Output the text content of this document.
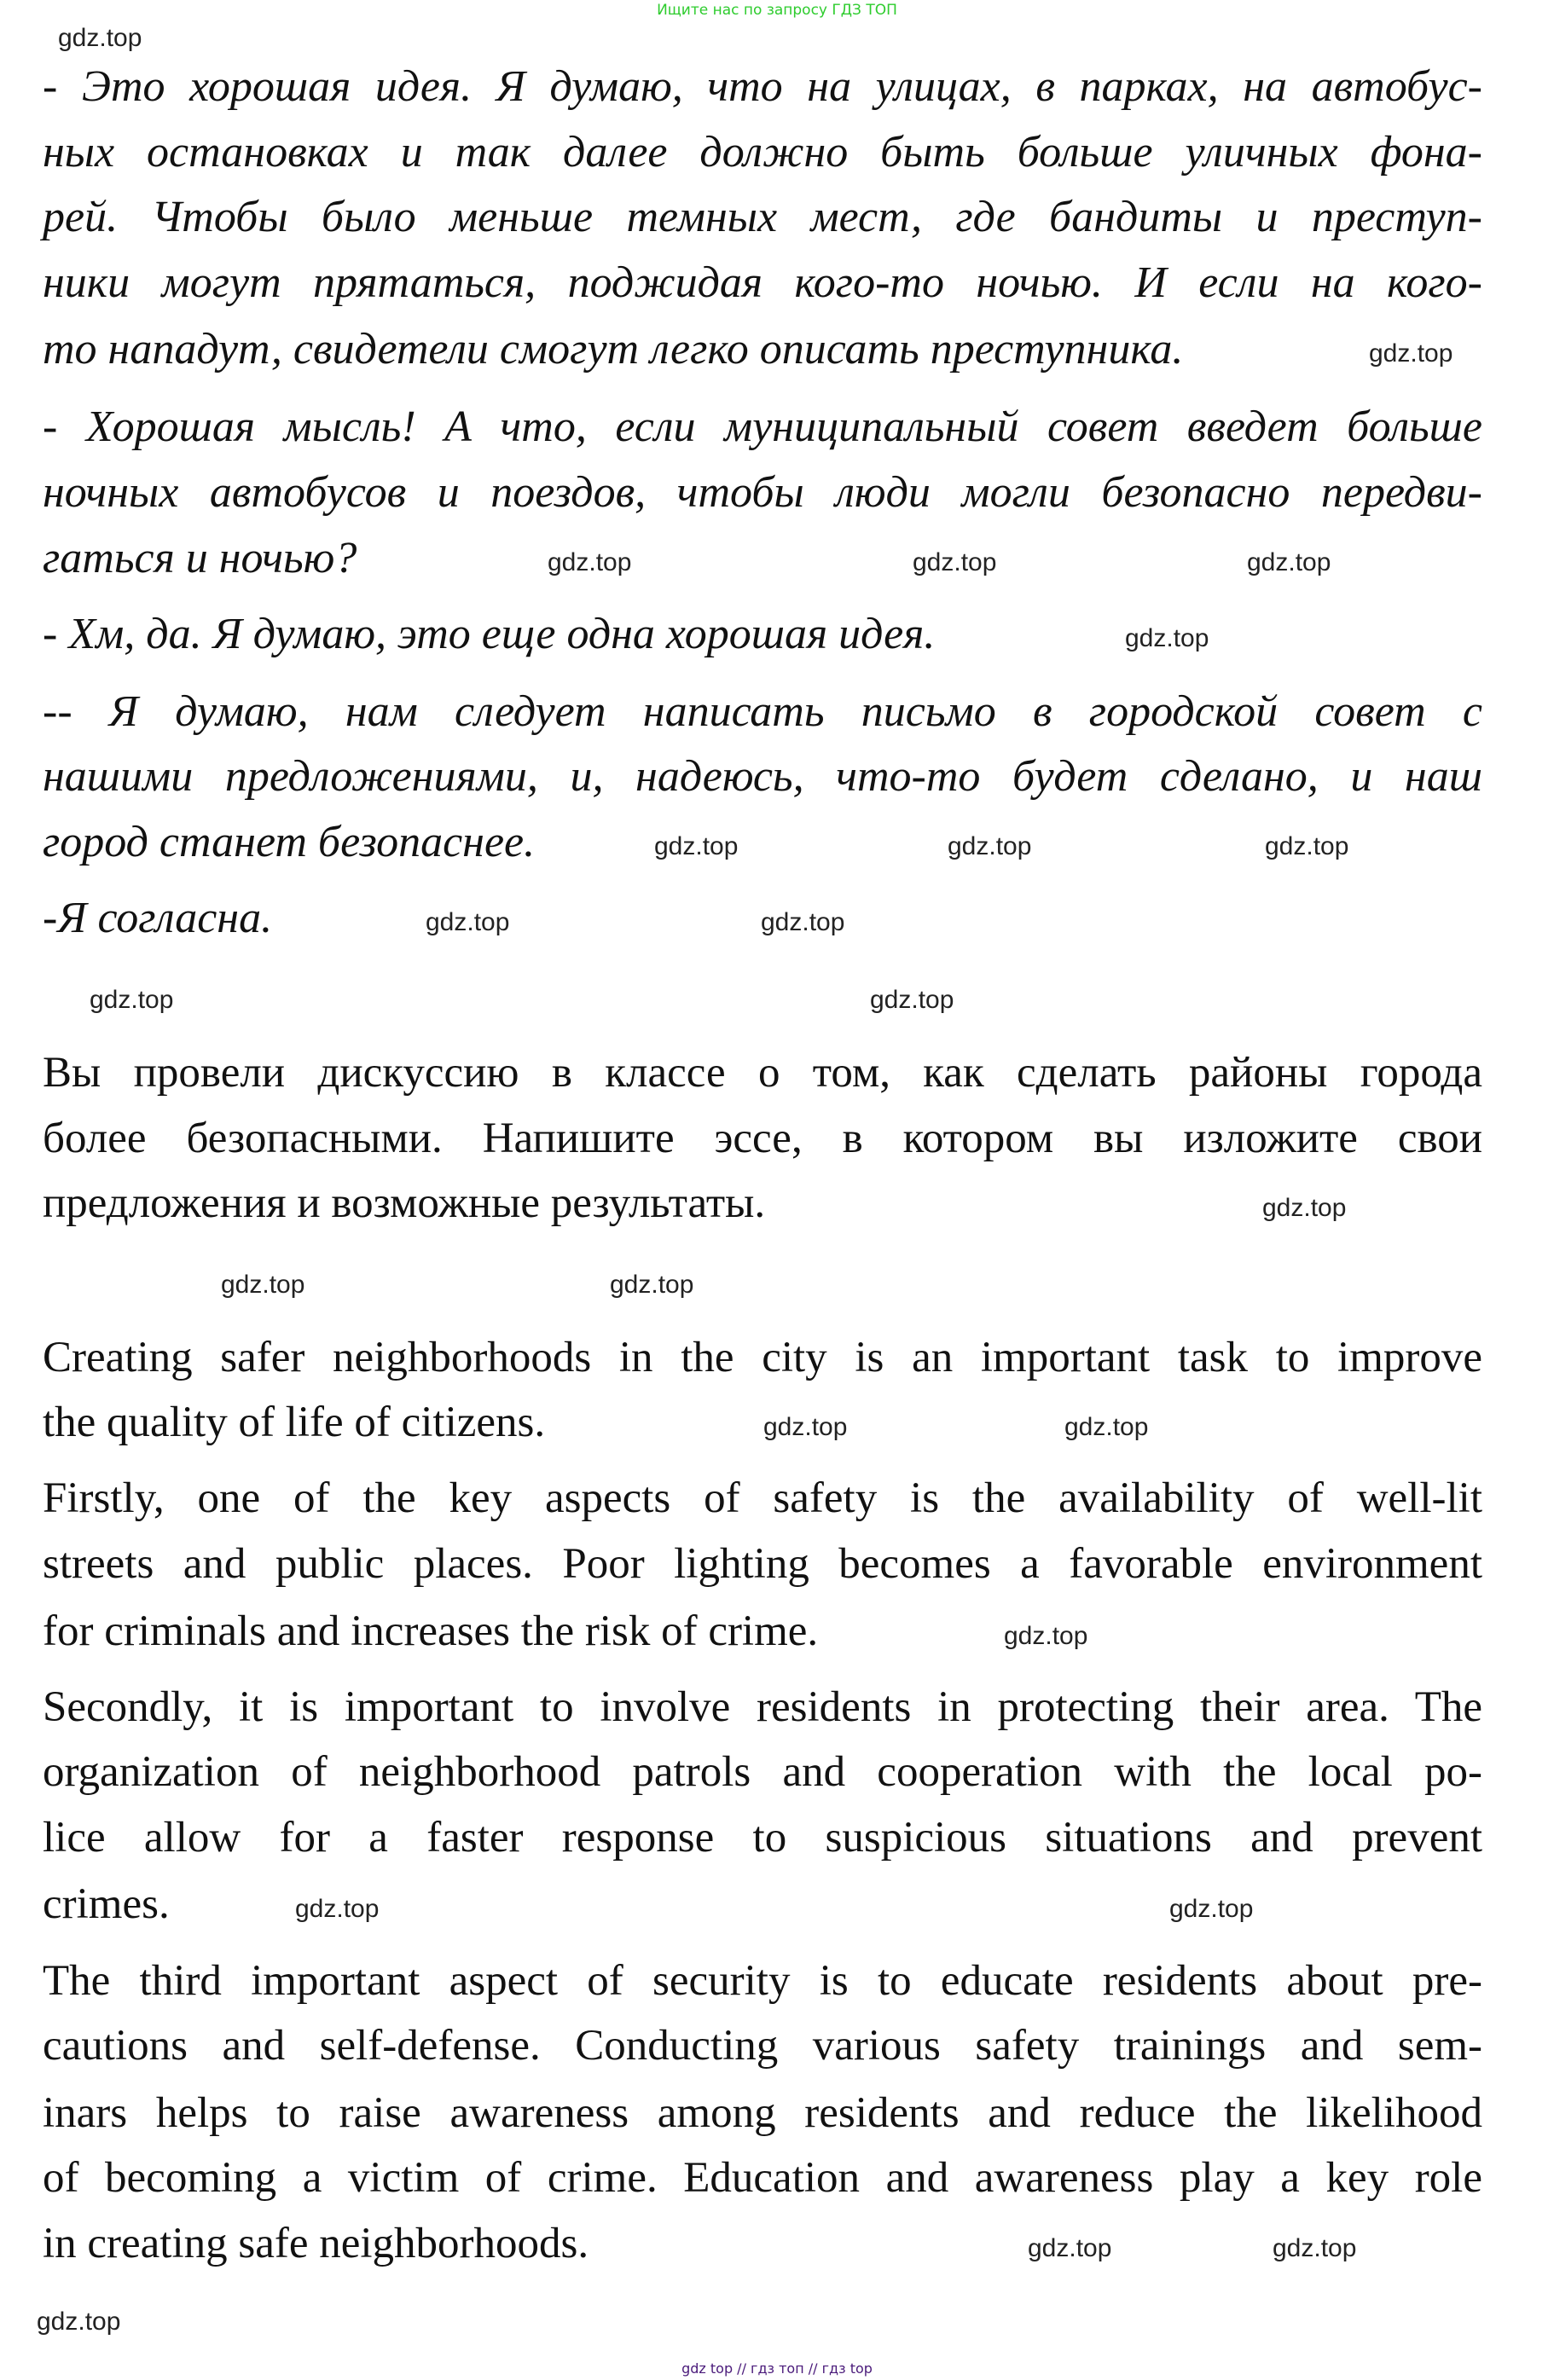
Ищите нас по запросу ГДЗ ТОП
- Это хорошая идея. Я думаю, что на улицах, в парках, на автобус-
ных остановках и так далее должно быть больше уличных фона-
рей. Чтобы было меньше темных мест, где бандиты и преступ-
ники могут прятаться, поджидая кого-то ночью. И если на кого-
то нападут, свидетели смогут легко описать преступника.
- Хорошая мысль! А что, если муниципальный совет введет больше
ночных автобусов и поездов, чтобы люди могли безопасно передви-
гаться и ночью?
- Хм, да. Я думаю, это еще одна хорошая идея.
-- Я думаю, нам следует написать письмо в городской совет с
нашими предложениями, и, надеюсь, что-то будет сделано, и наш
город станет безопаснее.
-Я согласна.
Вы провели дискуссию в классе о том, как сделать районы города
более безопасными. Напишите эссе, в котором вы изложите свои
предложения и возможные результаты.
Creating safer neighborhoods in the city is an important task to improve
the quality of life of citizens.
Firstly, one of the key aspects of safety is the availability of well-lit
streets and public places. Poor lighting becomes a favorable environment
for criminals and increases the risk of crime.
Secondly, it is important to involve residents in protecting their area. The
organization of neighborhood patrols and cooperation with the local po-
lice allow for a faster response to suspicious situations and prevent
crimes.
The third important aspect of security is to educate residents about pre-
cautions and self-defense. Conducting various safety trainings and sem-
inars helps to raise awareness among residents and reduce the likelihood
of becoming a victim of crime. Education and awareness play a key role
in creating safe neighborhoods.
gdz.top
gdz.top
gdz.top	gdz.top	gdz.top
gdz.top
gdz.top	gdz.top	gdz.top
gdz.top	gdz.top
gdz.top	gdz.top
gdz.top
gdz.top	gdz.top
gdz.top	gdz.top
gdz.top
gdz.top	gdz.top
gdz.top	gdz.top
gdz.top
gdz top // гдз топ // гдз top
